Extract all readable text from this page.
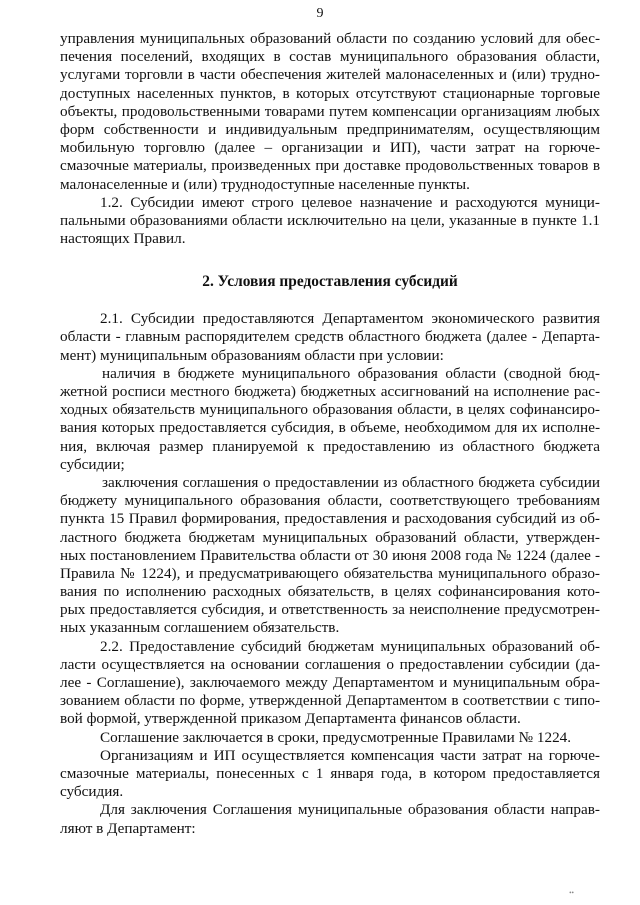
9
управления муниципальных образований области по созданию условий для обес-
печения поселений, входящих в состав муниципального образования области,
услугами торговли в части обеспечения жителей малонаселенных и (или) трудно-
доступных населенных пунктов, в которых отсутствуют стационарные торговые
объекты, продовольственными товарами путем компенсации организациям любых
форм собственности и индивидуальным предпринимателям, осуществляющим
мобильную торговлю (далее – организации и ИП), части затрат на горюче-
смазочные материалы, произведенных при доставке продовольственных товаров в
малонаселенные и (или) труднодоступные населенные пункты.
1.2. Субсидии имеют строго целевое назначение и расходуются муници-
пальными образованиями области исключительно на цели, указанные в пункте 1.1
настоящих Правил.
2. Условия предоставления субсидий
2.1. Субсидии предоставляются Департаментом экономического развития
области - главным распорядителем средств областного бюджета (далее - Департа-
мент) муниципальным образованиям области при условии:
наличия в бюджете муниципального образования области (сводной бюд-
жетной росписи местного бюджета) бюджетных ассигнований на исполнение рас-
ходных обязательств муниципального образования области, в целях софинансиро-
вания которых предоставляется субсидия, в объеме, необходимом для их исполне-
ния, включая размер планируемой к предоставлению из областного бюджета
субсидии;
заключения соглашения о предоставлении из областного бюджета субсидии
бюджету муниципального образования области, соответствующего требованиям
пункта 15 Правил формирования, предоставления и расходования субсидий из об-
ластного бюджета бюджетам муниципальных образований области, утвержден-
ных постановлением Правительства области от 30 июня 2008 года № 1224 (далее -
Правила № 1224), и предусматривающего обязательства муниципального образо-
вания по исполнению расходных обязательств, в целях софинансирования кото-
рых предоставляется субсидия, и ответственность за неисполнение предусмотрен-
ных указанным соглашением обязательств.
2.2. Предоставление субсидий бюджетам муниципальных образований об-
ласти осуществляется на основании соглашения о предоставлении субсидии (да-
лее - Соглашение), заключаемого между Департаментом и муниципальным обра-
зованием области по форме, утвержденной Департаментом в соответствии с типо-
вой формой, утвержденной приказом Департамента финансов области.
Соглашение заключается в сроки, предусмотренные Правилами № 1224.
Организациям и ИП осуществляется компенсация части затрат на горюче-
смазочные материалы, понесенных с 1 января года, в котором предоставляется
субсидия.
Для заключения Соглашения муниципальные образования области направ-
ляют в Департамент:
••
